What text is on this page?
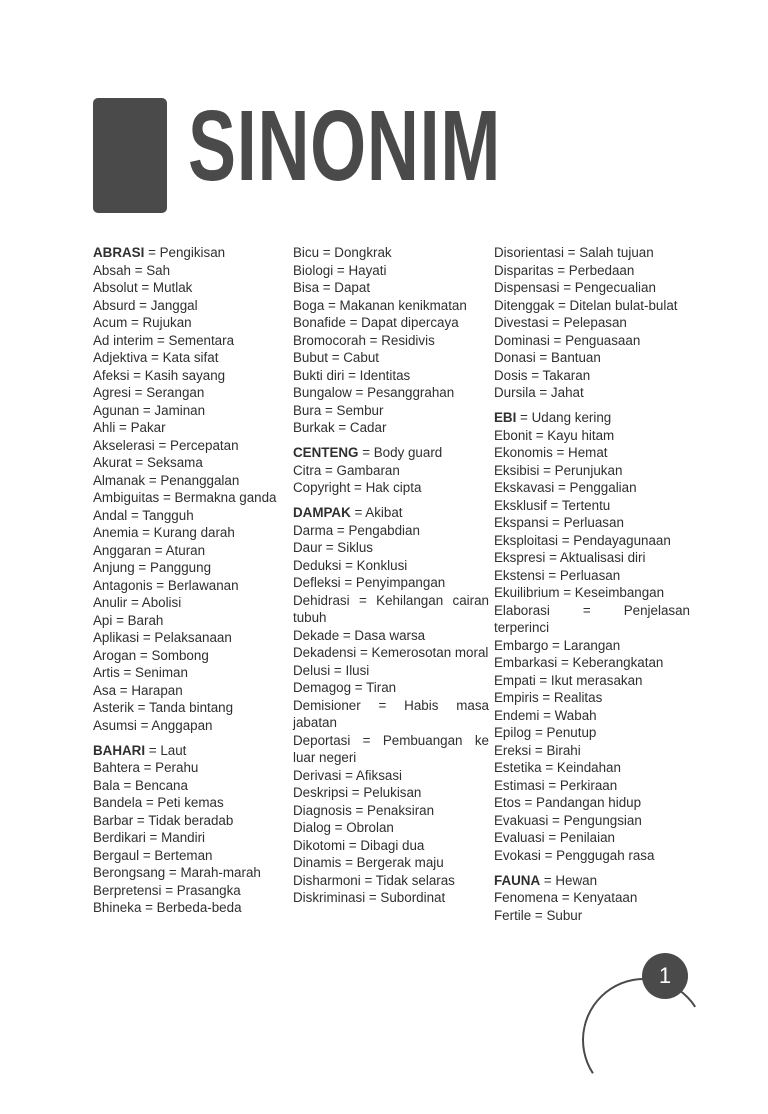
SINONIM
ABRASI = Pengikisan
Absah = Sah
Absolut = Mutlak
Absurd = Janggal
Acum = Rujukan
Ad interim = Sementara
Adjektiva = Kata sifat
Afeksi = Kasih sayang
Agresi = Serangan
Agunan = Jaminan
Ahli = Pakar
Akselerasi = Percepatan
Akurat = Seksama
Almanak = Penanggalan
Ambiguitas = Bermakna ganda
Andal = Tangguh
Anemia = Kurang darah
Anggaran = Aturan
Anjung = Panggung
Antagonis = Berlawanan
Anulir = Abolisi
Api = Barah
Aplikasi = Pelaksanaan
Arogan = Sombong
Artis = Seniman
Asa = Harapan
Asterik = Tanda bintang
Asumsi = Anggapan
BAHARI = Laut
Bahtera = Perahu
Bala = Bencana
Bandela = Peti kemas
Barbar = Tidak beradab
Berdikari = Mandiri
Bergaul = Berteman
Berongsang = Marah-marah
Berpretensi = Prasangka
Bhineka = Berbeda-beda
Bicu = Dongkrak
Biologi = Hayati
Bisa = Dapat
Boga = Makanan kenikmatan
Bonafide = Dapat dipercaya
Bromocorah = Residivis
Bubut = Cabut
Bukti diri = Identitas
Bungalow = Pesanggrahan
Bura = Sembur
Burkak = Cadar
CENTENG = Body guard
Citra = Gambaran
Copyright = Hak cipta
DAMPAK = Akibat
Darma = Pengabdian
Daur = Siklus
Deduksi = Konklusi
Defleksi = Penyimpangan
Dehidrasi = Kehilangan cairan tubuh
Dekade = Dasa warsa
Dekadensi = Kemerosotan moral
Delusi = Ilusi
Demagog = Tiran
Demisioner = Habis masa jabatan
Deportasi = Pembuangan ke luar negeri
Derivasi = Afiksasi
Deskripsi = Pelukisan
Diagnosis = Penaksiran
Dialog = Obrolan
Dikotomi = Dibagi dua
Dinamis = Bergerak maju
Disharmoni = Tidak selaras
Diskriminasi = Subordinat
Disorientasi = Salah tujuan
Disparitas = Perbedaan
Dispensasi = Pengecualian
Ditenggak = Ditelan bulat-bulat
Divestasi = Pelepasan
Dominasi = Penguasaan
Donasi = Bantuan
Dosis = Takaran
Dursila = Jahat
EBI = Udang kering
Ebonit = Kayu hitam
Ekonomis = Hemat
Eksibisi = Perunjukan
Ekskavasi = Penggalian
Eksklusif = Tertentu
Ekspansi = Perluasan
Eksploitasi = Pendayagunaan
Ekspresi = Aktualisasi diri
Ekstensi = Perluasan
Ekuilibrium = Keseimbangan
Elaborasi = Penjelasan terperinci
Embargo = Larangan
Embarkasi = Keberangkatan
Empati = Ikut merasakan
Empiris = Realitas
Endemi = Wabah
Epilog = Penutup
Ereksi = Birahi
Estetika = Keindahan
Estimasi = Perkiraan
Etos = Pandangan hidup
Evakuasi = Pengungsian
Evaluasi = Penilaian
Evokasi = Penggugah rasa
FAUNA = Hewan
Fenomena = Kenyataan
Fertile = Subur
1
